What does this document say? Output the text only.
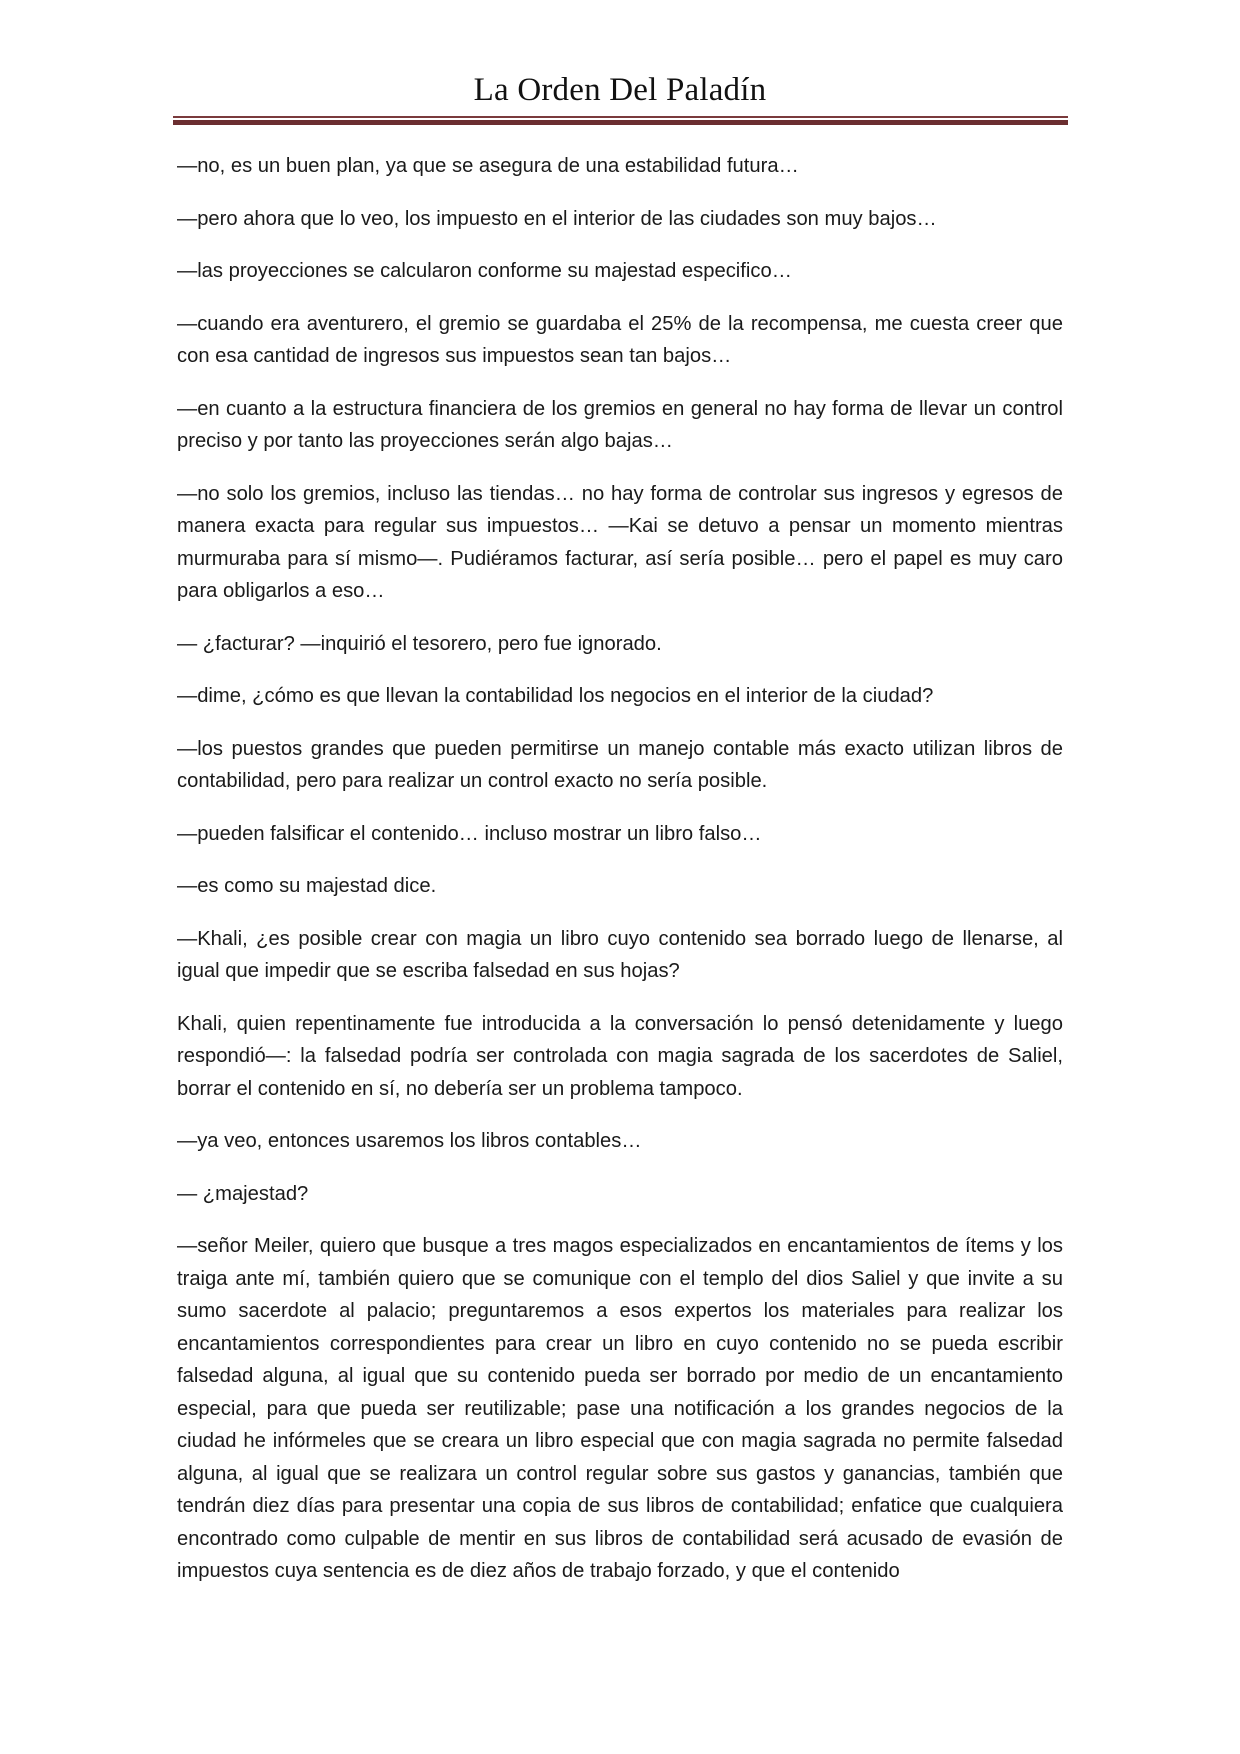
La Orden Del Paladín

—no, es un buen plan, ya que se asegura de una estabilidad futura…

—pero ahora que lo veo, los impuesto en el interior de las ciudades son muy bajos…

—las proyecciones se calcularon conforme su majestad especifico…

—cuando era aventurero, el gremio se guardaba el 25% de la recompensa, me cuesta creer que con esa cantidad de ingresos sus impuestos sean tan bajos…

—en cuanto a la estructura financiera de los gremios en general no hay forma de llevar un control preciso y por tanto las proyecciones serán algo bajas…

—no solo los gremios, incluso las tiendas… no hay forma de controlar sus ingresos y egresos de manera exacta para regular sus impuestos… —Kai se detuvo a pensar un momento mientras murmuraba para sí mismo—. Pudiéramos facturar, así sería posible… pero el papel es muy caro para obligarlos a eso…

— ¿facturar? —inquirió el tesorero, pero fue ignorado.

—dime, ¿cómo es que llevan la contabilidad los negocios en el interior de la ciudad?

—los puestos grandes que pueden permitirse un manejo contable más exacto utilizan libros de contabilidad, pero para realizar un control exacto no sería posible.

—pueden falsificar el contenido… incluso mostrar un libro falso…

—es como su majestad dice.

—Khali, ¿es posible crear con magia un libro cuyo contenido sea borrado luego de llenarse, al igual que impedir que se escriba falsedad en sus hojas?

Khali, quien repentinamente fue introducida a la conversación lo pensó detenidamente y luego respondió—: la falsedad podría ser controlada con magia sagrada de los sacerdotes de Saliel, borrar el contenido en sí, no debería ser un problema tampoco.

—ya veo, entonces usaremos los libros contables…

— ¿majestad?

—señor Meiler, quiero que busque a tres magos especializados en encantamientos de ítems y los traiga ante mí, también quiero que se comunique con el templo del dios Saliel y que invite a su sumo sacerdote al palacio; preguntaremos a esos expertos los materiales para realizar los encantamientos correspondientes para crear un libro en cuyo contenido no se pueda escribir falsedad alguna, al igual que su contenido pueda ser borrado por medio de un encantamiento especial, para que pueda ser reutilizable; pase una notificación a los grandes negocios de la ciudad he infórmeles que se creara un libro especial que con magia sagrada no permite falsedad alguna, al igual que se realizara un control regular sobre sus gastos y ganancias, también que tendrán diez días para presentar una copia de sus libros de contabilidad; enfatice que cualquiera encontrado como culpable de mentir en sus libros de contabilidad será acusado de evasión de impuestos cuya sentencia es de diez años de trabajo forzado, y que el contenido
